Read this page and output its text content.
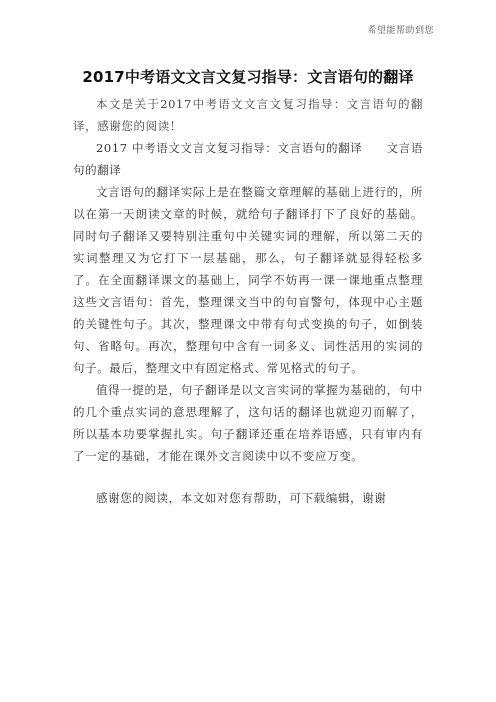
希望能帮助到您
2017中考语文文言文复习指导：文言语句的翻译

本文是关于2017中考语文文言文复习指导：文言语句的翻译，感谢您的阅读！

2017 中考语文文言文复习指导：文言语句的翻译　　文言语句的翻译

文言语句的翻译实际上是在整篇文章理解的基础上进行的，所以在第一天朗读文章的时候，就给句子翻译打下了良好的基础。同时句子翻译又要特别注重句中关键实词的理解，所以第二天的实词整理又为它打下一层基础，那么，句子翻译就显得轻松多了。在全面翻译课文的基础上，同学不妨再一课一课地重点整理这些文言语句：首先，整理课文当中的句盲警句，体现中心主题的关键性句子。其次，整理课文中带有句式变换的句子，如倒装句、省略句。再次，整理句中含有一词多义、词性活用的实词的句子。最后，整理文中有固定格式、常见格式的句子。

值得一提的是，句子翻译是以文言实词的掌握为基础的，句中的几个重点实词的意思理解了，这句话的翻译也就迎刃而解了，所以基本功要掌握扎实。句子翻译还重在培养语感，只有审内有了一定的基础，才能在课外文言阅读中以不变应万变。

感谢您的阅读，本文如对您有帮助，可下载编辑，谢谢
